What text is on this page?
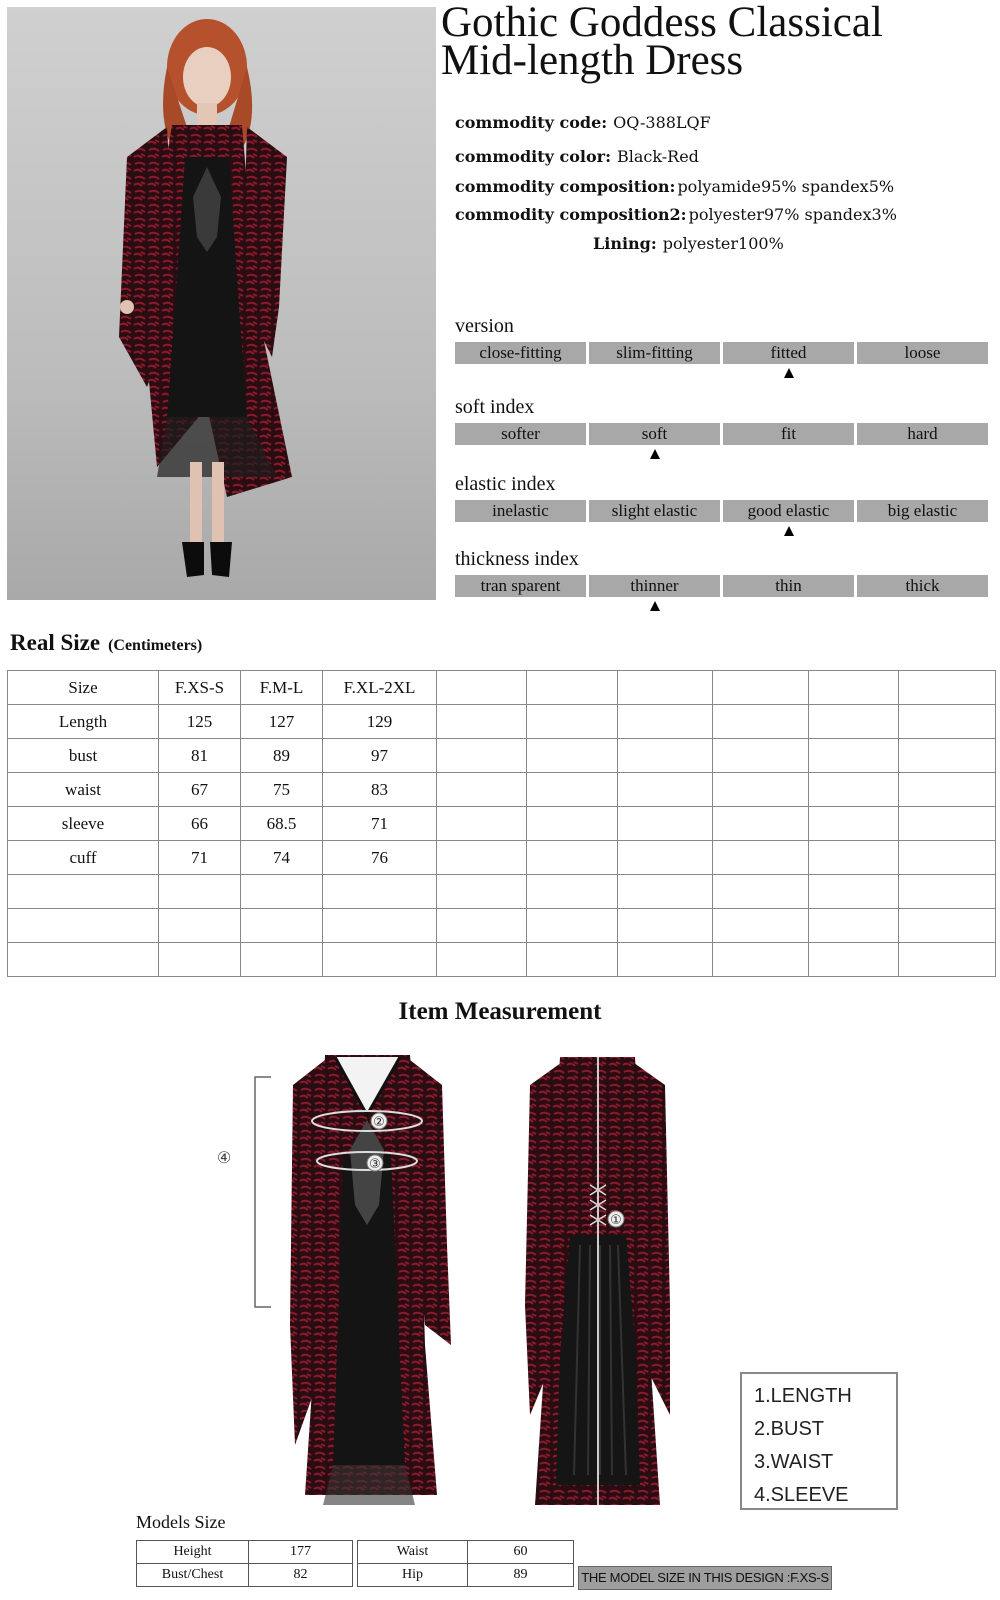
Gothic Goddess Classical
Mid-length Dress
commodity code: OQ-388LQF
commodity color: Black-Red
commodity composition: polyamide95% spandex5%
commodity composition2: polyester97% spandex3%
Lining: polyester100%
version
close-fitting	slim-fitting	fitted	loose
soft index
softer	soft	fit	hard
elastic index
inelastic	slight elastic	good elastic	big elastic
thickness index
tran sparent	thinner	thin	thick
Real Size (Centimeters)
Size	F.XS-S	F.M-L	F.XL-2XL						
Length	125	127	129						
bust	81	89	97						
waist	67	75	83						
sleeve	66	68.5	71						
cuff	71	74	76						

Item Measurement
②
③
④
①
1.LENGTH
2.BUST
3.WAIST
4.SLEEVE
Models Size
Height	177
Bust/Chest	82
Waist	60
Hip	89	THE MODEL SIZE IN THIS DESIGN :F.XS-S
